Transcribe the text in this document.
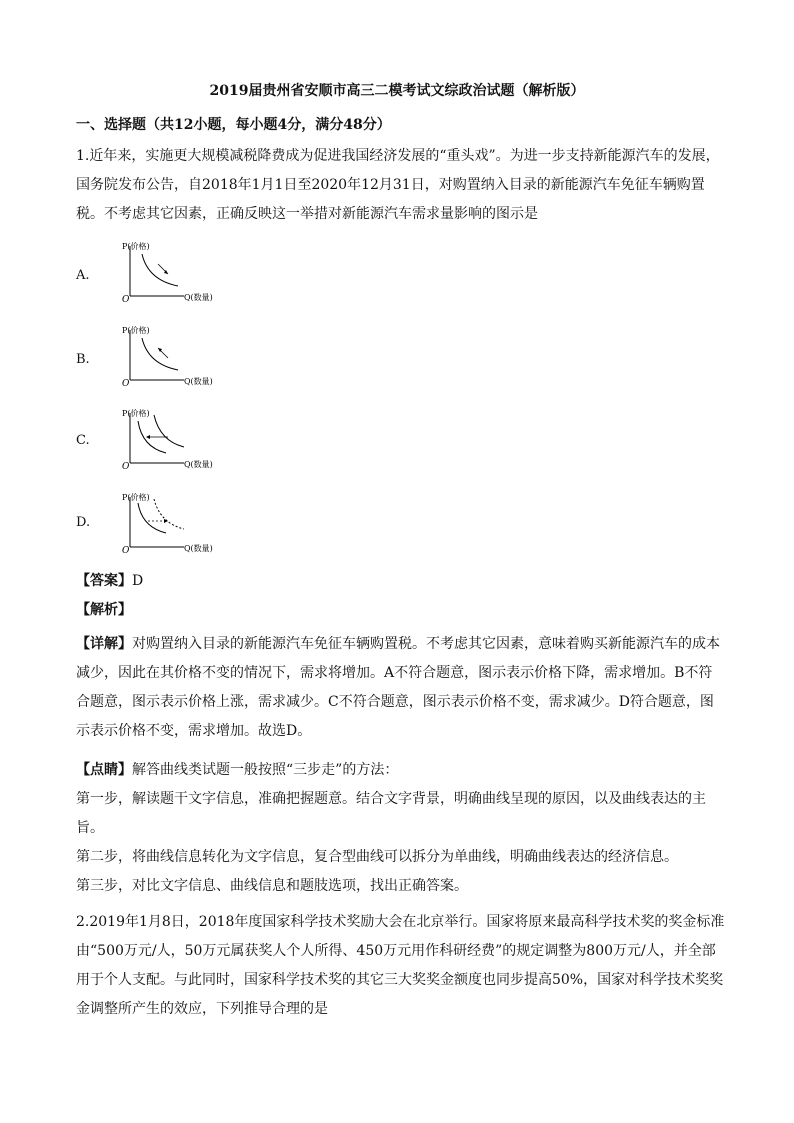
2019届贵州省安顺市高三二模考试文综政治试题（解析版）
一、选择题（共12小题，每小题4分，满分48分）

1.近年来，实施更大规模减税降费成为促进我国经济发展的“重头戏”。为进一步支持新能源汽车的发展，国务院发布公告，自2018年1月1日至2020年12月31日，对购置纳入目录的新能源汽车免征车辆购置税。不考虑其它因素，正确反映这一举措对新能源汽车需求量影响的图示是

A.
P(价格)
O	Q(数量)
B.
P(价格)
O	Q(数量)
C.
P(价格)
O	Q(数量)
D.
P(价格)
O	Q(数量)

【答案】D

【解析】

【详解】对购置纳入目录的新能源汽车免征车辆购置税。不考虑其它因素，意味着购买新能源汽车的成本减少，因此在其价格不变的情况下，需求将增加。A不符合题意，图示表示价格下降，需求增加。B不符合题意，图示表示价格上涨，需求减少。C不符合题意，图示表示价格不变，需求减少。D符合题意，图示表示价格不变，需求增加。故选D。

【点睛】解答曲线类试题一般按照“三步走”的方法：

第一步，解读题干文字信息，准确把握题意。结合文字背景，明确曲线呈现的原因，以及曲线表达的主旨。
第二步，将曲线信息转化为文字信息，复合型曲线可以拆分为单曲线，明确曲线表达的经济信息。
第三步，对比文字信息、曲线信息和题肢选项，找出正确答案。

2.2019年1月8日，2018年度国家科学技术奖励大会在北京举行。国家将原来最高科学技术奖的奖金标准由“500万元/人，50万元属获奖人个人所得、450万元用作科研经费”的规定调整为800万元/人，并全部用于个人支配。与此同时，国家科学技术奖的其它三大奖奖金额度也同步提高50%，国家对科学技术奖奖金调整所产生的效应，下列推导合理的是
